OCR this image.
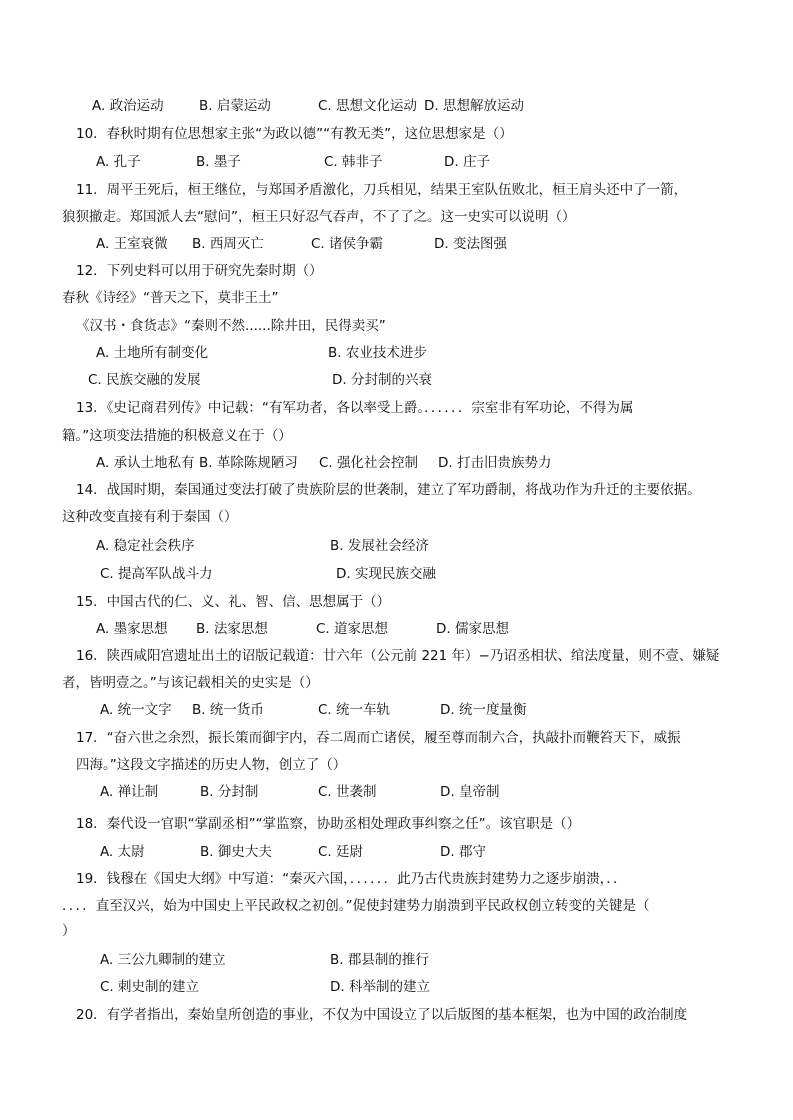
A. 政治运动	B. 启蒙运动	C. 思想文化运动 D. 思想解放运动
10．春秋时期有位思想家主张“为政以德”“有教无类”，这位思想家是（）
A. 孔子	B. 墨子	C. 韩非子	D. 庄子
11．周平王死后，桓王继位，与郑国矛盾激化，刀兵相见，结果王室队伍败北，桓王肩头还中了一箭，
狼狈撤走。郑国派人去“慰问”，桓王只好忍气吞声，不了了之。这一史实可以说明（）
A. 王室衰微 B. 西周灭亡	C. 诸侯争霸	D. 变法图强
12．下列史料可以用于研究先秦时期（）
春秋《诗经》“普天之下，莫非王土”
《汉书・食货志》“秦则不然......除井田，民得卖买”
A. 土地所有制变化	B. 农业技术进步
C. 民族交融的发展	D. 分封制的兴衰
13．《史记商君列传》中记载：“有军功者，各以率受上爵。．．．．．．宗室非有军功论，不得为属
籍。”这项变法措施的积极意义在于（）
A. 承认土地私有 B. 革除陈规陋习 C. 强化社会控制 D. 打击旧贵族势力
14．战国时期，秦国通过变法打破了贵族阶层的世袭制，建立了军功爵制，将战功作为升迁的主要依据。
这种改变直接有利于秦国（）
A. 稳定社会秩序	B. 发展社会经济
C. 提高军队战斗力	D. 实现民族交融
15．中国古代的仁、义、礼、智、信、思想属于（）
A. 墨家思想 B. 法家思想	C. 道家思想	D. 儒家思想
16．陕西咸阳宫遗址出土的诏版记载道：廿六年（公元前 221 年）−乃诏丞相状、绾法度量，则不壹、嫌疑
者，皆明壹之。”与该记载相关的史实是（）
A. 统一文字 B. 统一货币	C. 统一车轨	D. 统一度量衡
17．“奋六世之余烈，振长策而御宇内，吞二周而亡诸侯，履至尊而制六合，执敲扑而鞭笞天下，威振
四海。”这段文字描述的历史人物，创立了（）
A. 禅让制	B. 分封制	C. 世袭制	D. 皇帝制
18．秦代设一官职“掌副丞相”“掌监察，协助丞相处理政事纠察之任”。该官职是（）
A. 太尉	B. 御史大夫	C. 廷尉	D. 郡守
19．钱穆在《国史大纲》中写道：“秦灭六国，．．．．．．此乃古代贵族封建势力之逐步崩溃，．．
．．．．直至汉兴，始为中国史上平民政权之初创。”促使封建势力崩溃到平民政权创立转变的关键是（
）
A. 三公九卿制的建立	B. 郡县制的推行
C. 刺史制的建立	D. 科举制的建立
20．有学者指出，秦始皇所创造的事业，不仅为中国设立了以后版图的基本框架，也为中国的政治制度
